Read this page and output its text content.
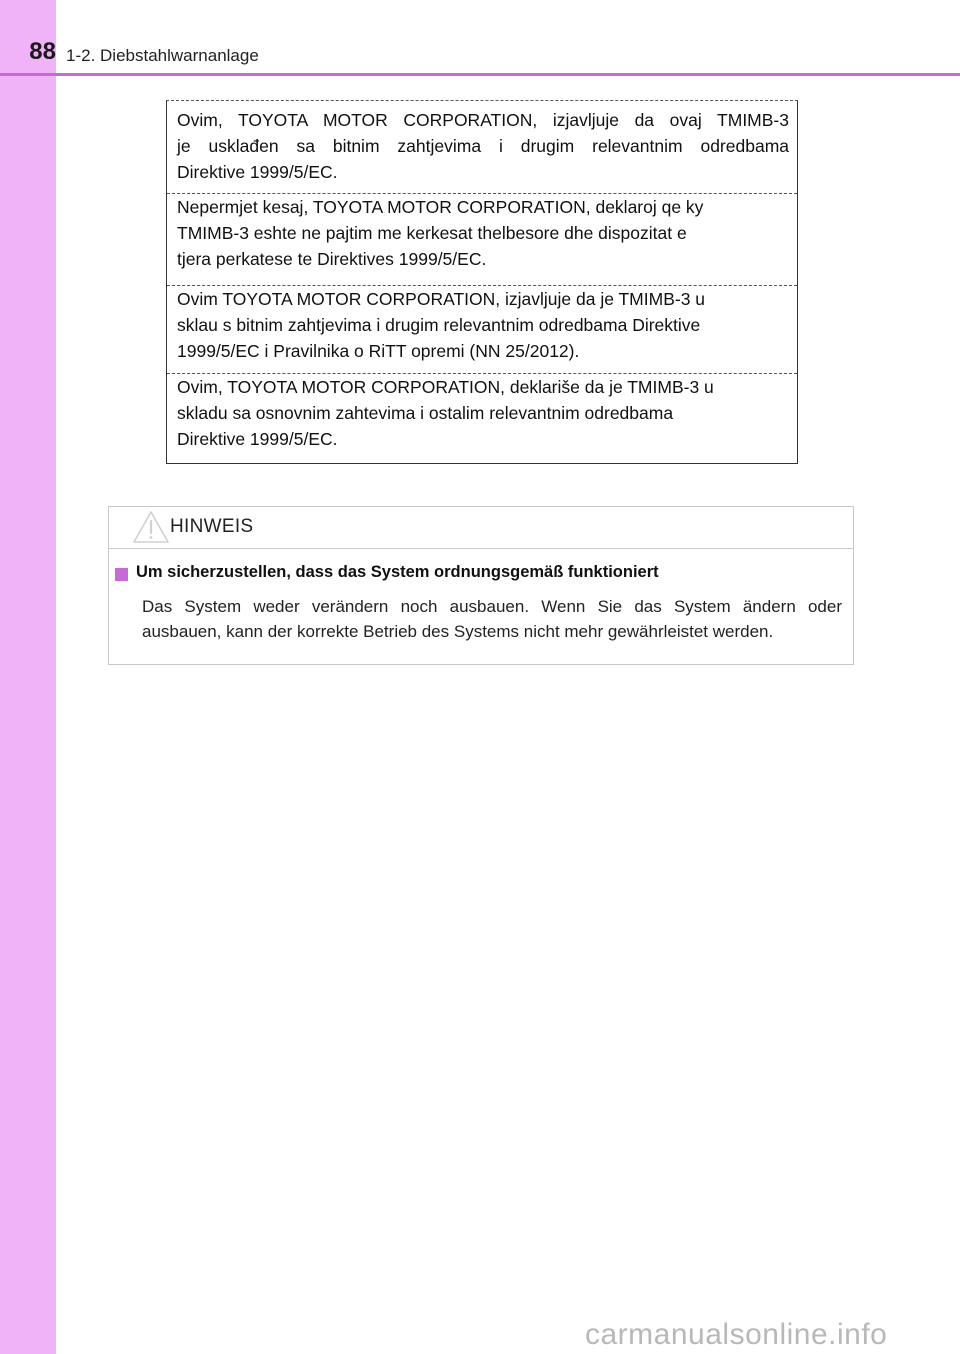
88 1-2. Diebstahlwarnanlage
Ovim, TOYOTA MOTOR CORPORATION, izjavljuje da ovaj TMIMB-3
je usklađen sa bitnim zahtjevima i drugim relevantnim odredbama
Direktive 1999/5/EC.
Nepermjet kesaj, TOYOTA MOTOR CORPORATION, deklaroj qe ky
TMIMB-3 eshte ne pajtim me kerkesat thelbesore dhe dispozitat e
tjera perkatese te Direktives 1999/5/EC.
Ovim TOYOTA MOTOR CORPORATION, izjavljuje da je TMIMB-3 u
sklau s bitnim zahtjevima i drugim relevantnim odredbama Direktive
1999/5/EC i Pravilnika o RiTT opremi (NN 25/2012).
Ovim, TOYOTA MOTOR CORPORATION, deklariše da je TMIMB-3 u
skladu sa osnovnim zahtevima i ostalim relevantnim odredbama
Direktive 1999/5/EC.
HINWEIS
Um sicherzustellen, dass das System ordnungsgemäß funktioniert
Das System weder verändern noch ausbauen. Wenn Sie das System ändern oder ausbauen, kann der korrekte Betrieb des Systems nicht mehr gewährleistet werden.
carmanualsonline.info
